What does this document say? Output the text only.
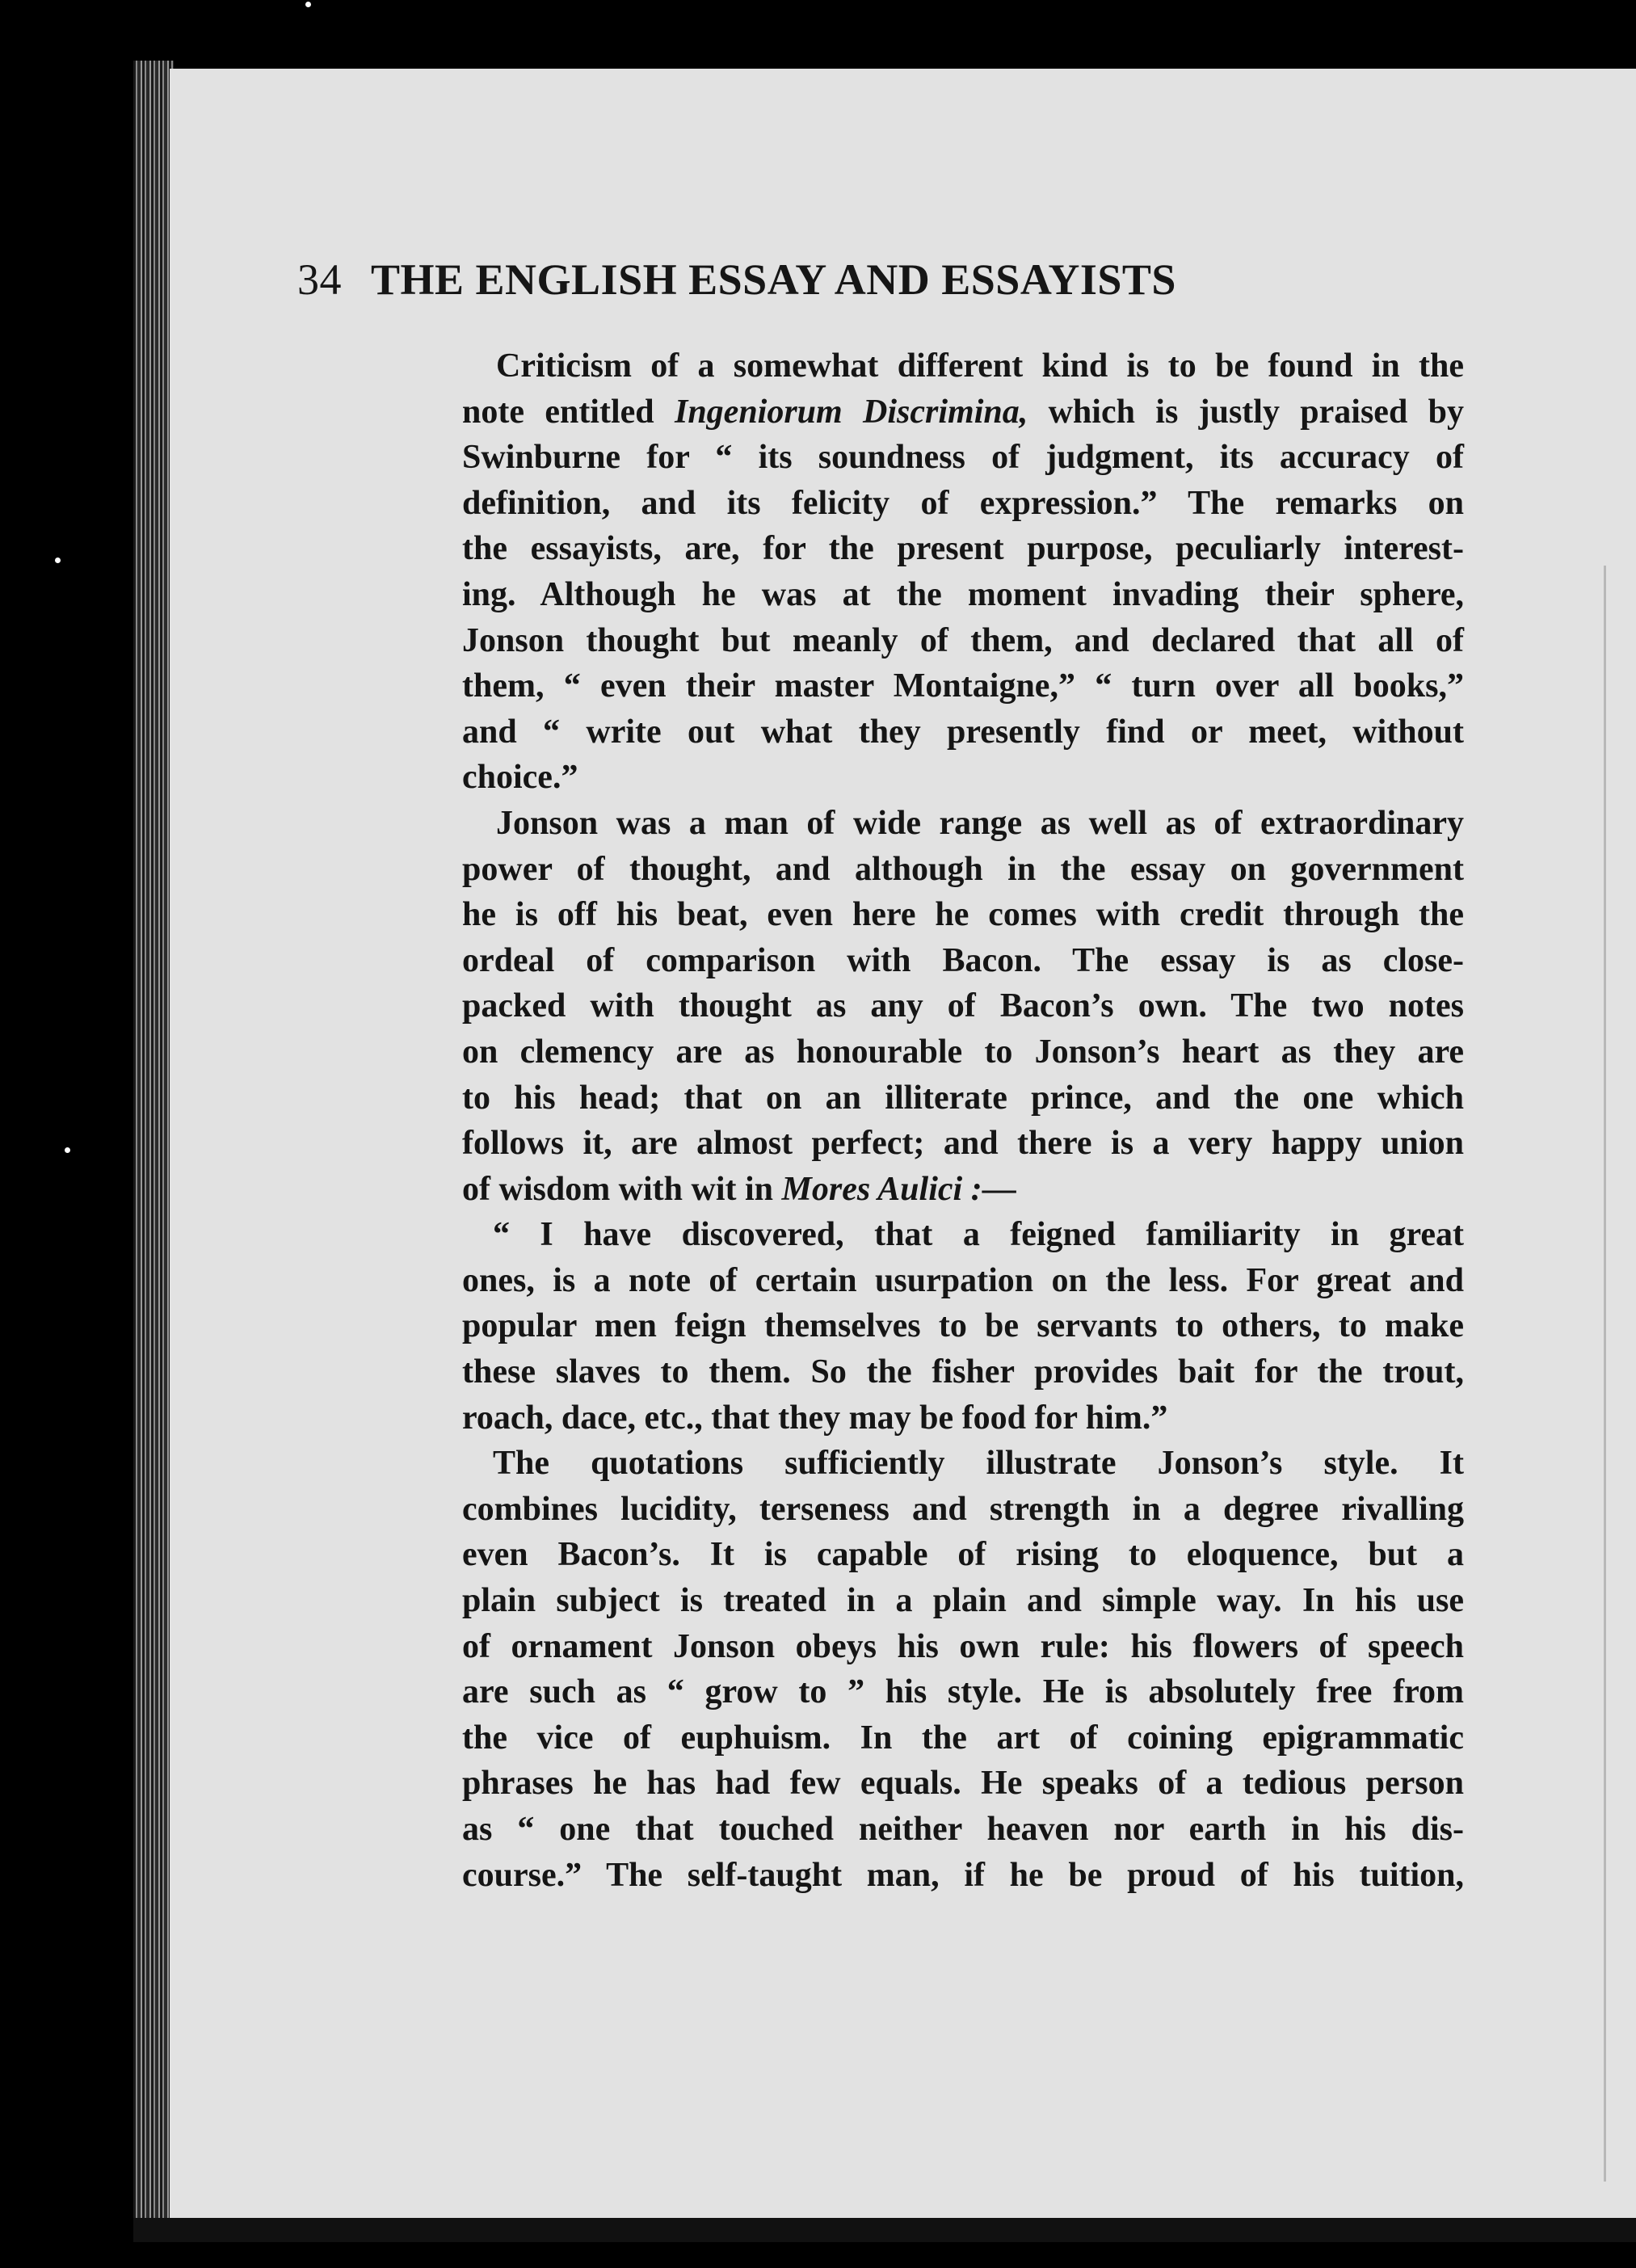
34 THE ENGLISH ESSAY AND ESSAYISTS
Criticism of a somewhat different kind is to be found in the
note entitled Ingeniorum Discrimina, which is justly praised by
Swinburne for “ its soundness of judgment, its accuracy of
definition, and its felicity of expression.” The remarks on
the essayists, are, for the present purpose, peculiarly interest-
ing. Although he was at the moment invading their sphere,
Jonson thought but meanly of them, and declared that all of
them, “ even their master Montaigne,” “ turn over all books,”
and “ write out what they presently find or meet, without
choice.”
Jonson was a man of wide range as well as of extraordinary
power of thought, and although in the essay on government
he is off his beat, even here he comes with credit through the
ordeal of comparison with Bacon. The essay is as close-
packed with thought as any of Bacon’s own. The two notes
on clemency are as honourable to Jonson’s heart as they are
to his head; that on an illiterate prince, and the one which
follows it, are almost perfect; and there is a very happy union
of wisdom with wit in Mores Aulici :—
“ I have discovered, that a feigned familiarity in great
ones, is a note of certain usurpation on the less. For great and
popular men feign themselves to be servants to others, to make
these slaves to them. So the fisher provides bait for the trout,
roach, dace, etc., that they may be food for him.”
The quotations sufficiently illustrate Jonson’s style. It
combines lucidity, terseness and strength in a degree rivalling
even Bacon’s. It is capable of rising to eloquence, but a
plain subject is treated in a plain and simple way. In his use
of ornament Jonson obeys his own rule: his flowers of speech
are such as “ grow to ” his style. He is absolutely free from
the vice of euphuism. In the art of coining epigrammatic
phrases he has had few equals. He speaks of a tedious person
as “ one that touched neither heaven nor earth in his dis-
course.” The self-taught man, if he be proud of his tuition,
